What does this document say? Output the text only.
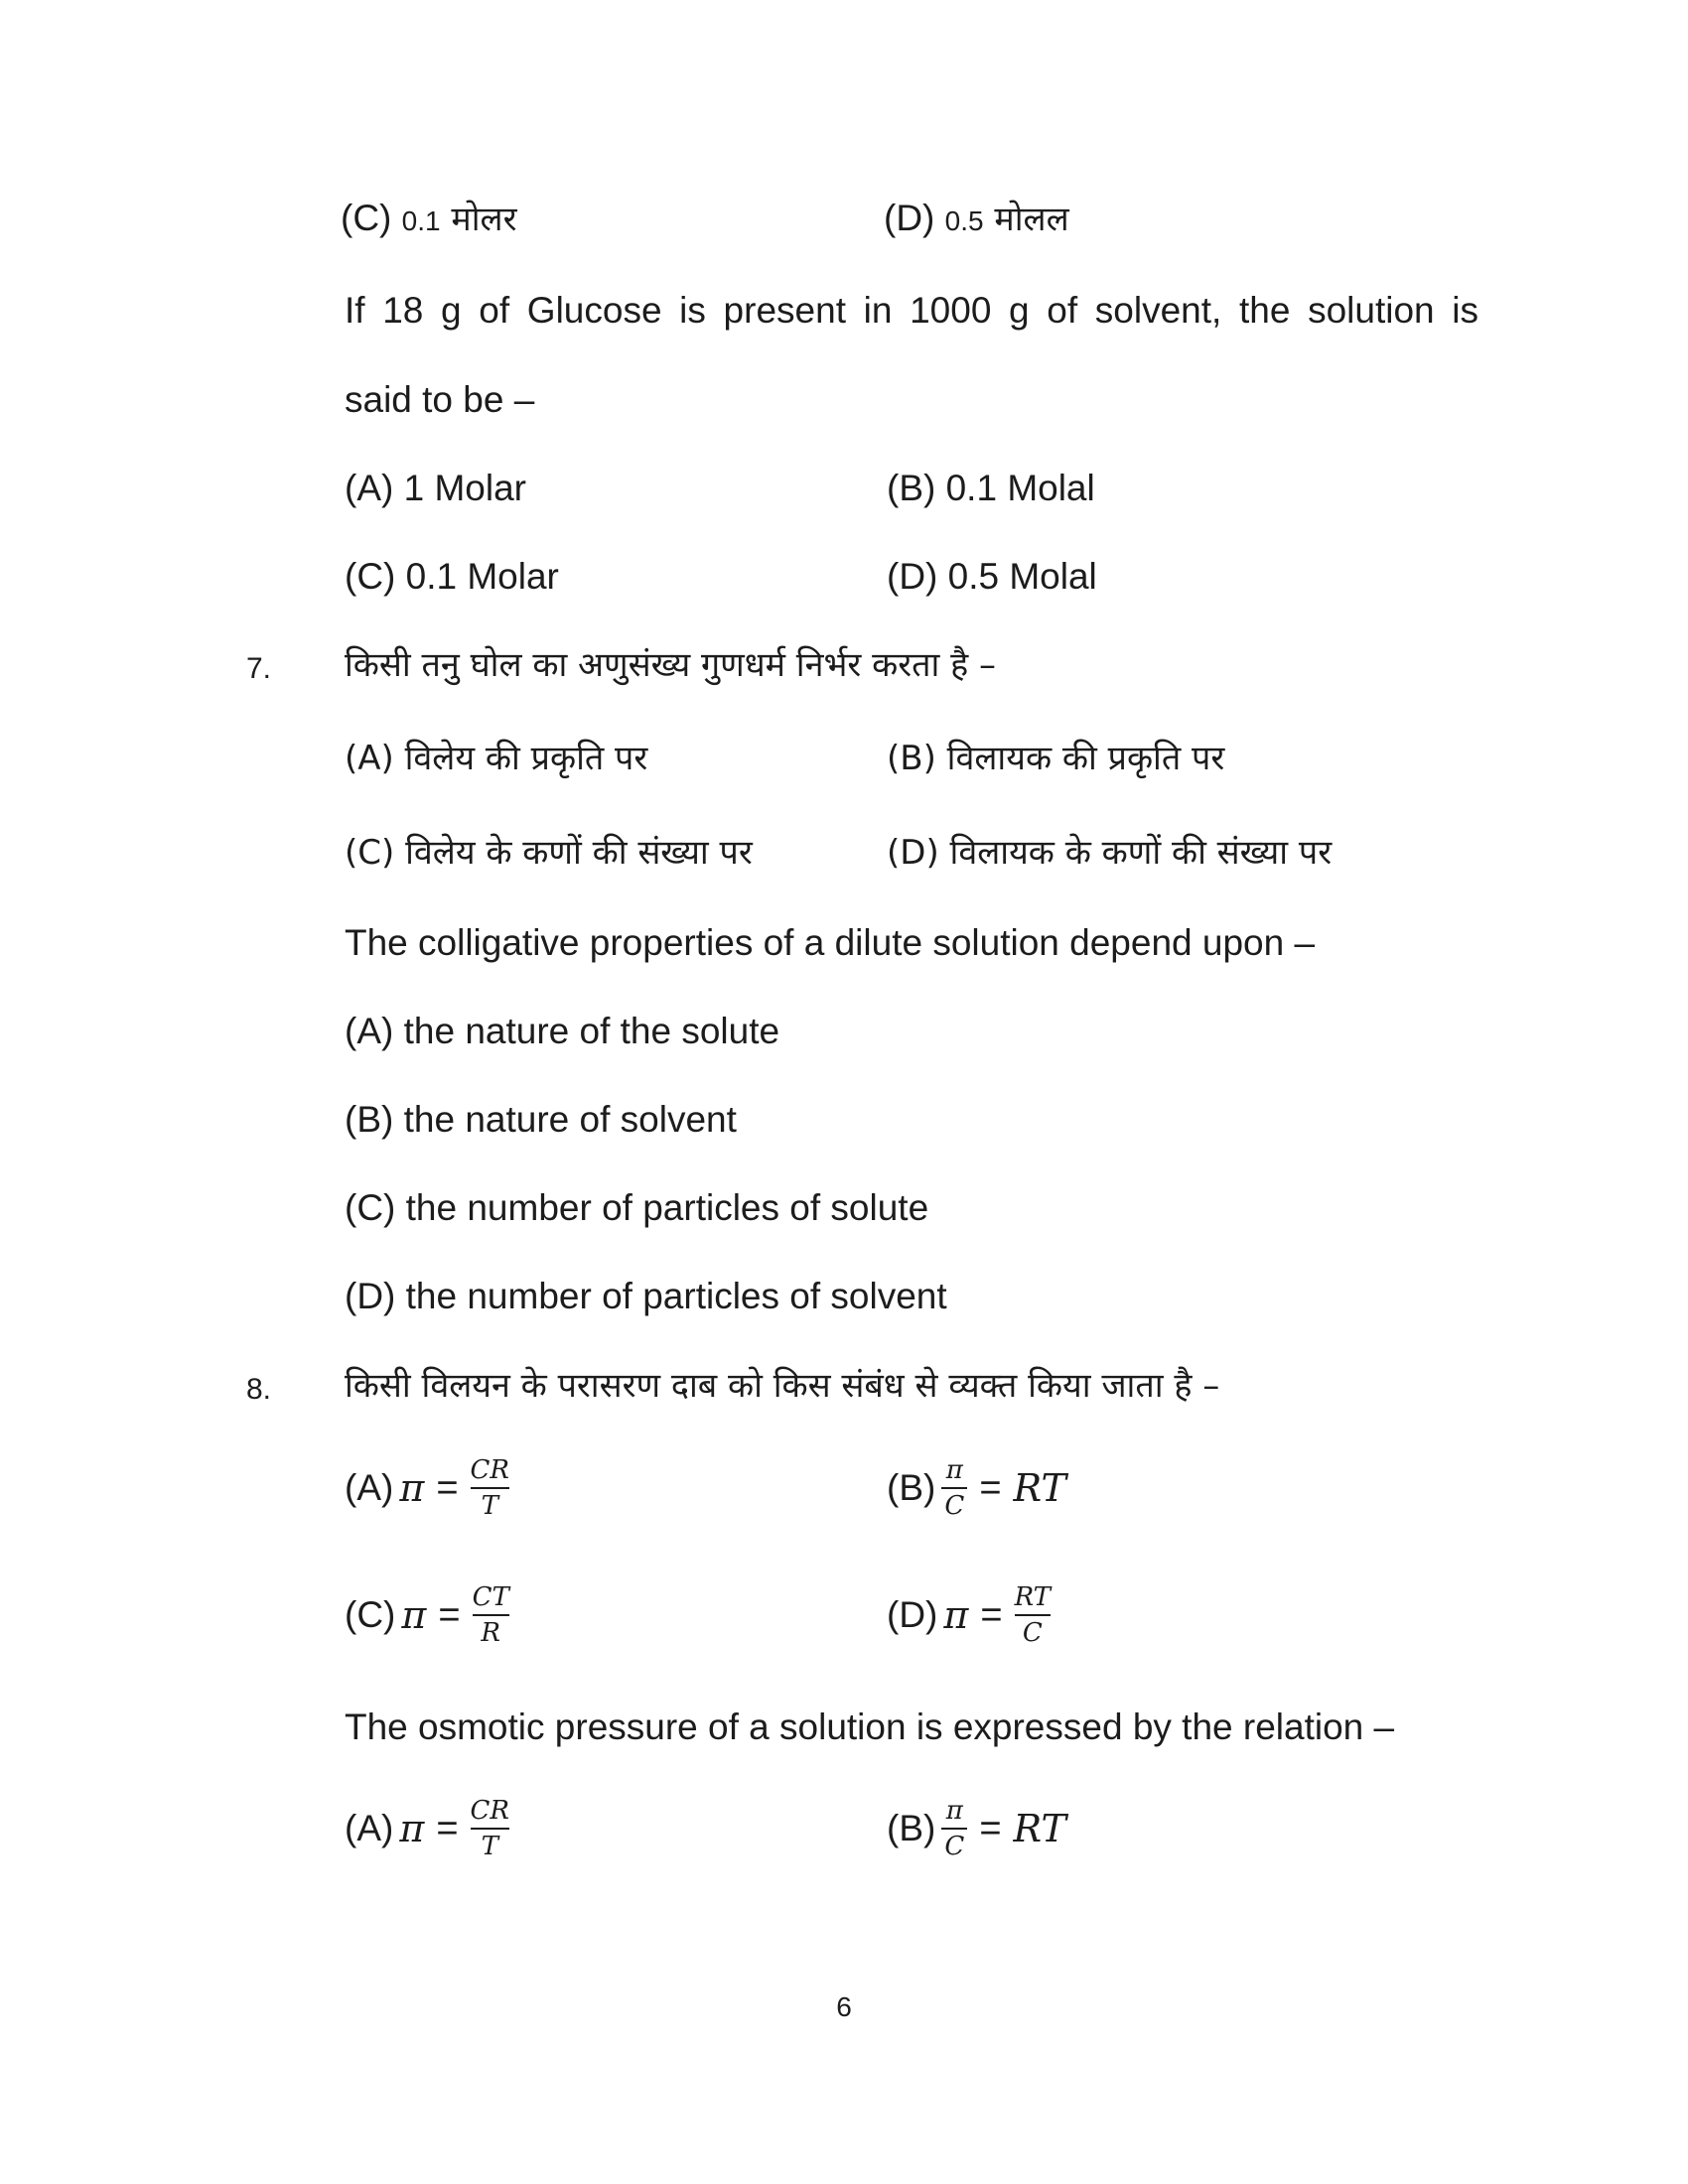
(C) 0.1 मोलर	(D) 0.5 मोलल
If 18 g of Glucose is present in 1000 g of solvent, the solution is
said to be –
(A) 1 Molar	(B) 0.1 Molal
(C) 0.1 Molar	(D) 0.5 Molal
7. किसी तनु घोल का अणुसंख्य गुणधर्म निर्भर करता है –
(A) विलेय की प्रकृति पर	(B) विलायक की प्रकृति पर
(C) विलेय के कणों की संख्या पर	(D) विलायक के कणों की संख्या पर
The colligative properties of a dilute solution depend upon –
(A) the nature of the solute
(B) the nature of solvent
(C) the number of particles of solute
(D) the number of particles of solvent
8. किसी विलयन के परासरण दाब को किस संबंध से व्यक्त किया जाता है –
(A) $\pi = \frac{CR}{T}$	$(B) \frac{\pi}{C}$ = RT
(C) $\pi = \frac{CT}{R}$	(D) $\pi = \frac{RT}{C}$
The osmotic pressure of a solution is expressed by the relation –
(A) $\pi = \frac{CR}{T}$	$(B) \frac{\pi}{C}$ = RT
6
